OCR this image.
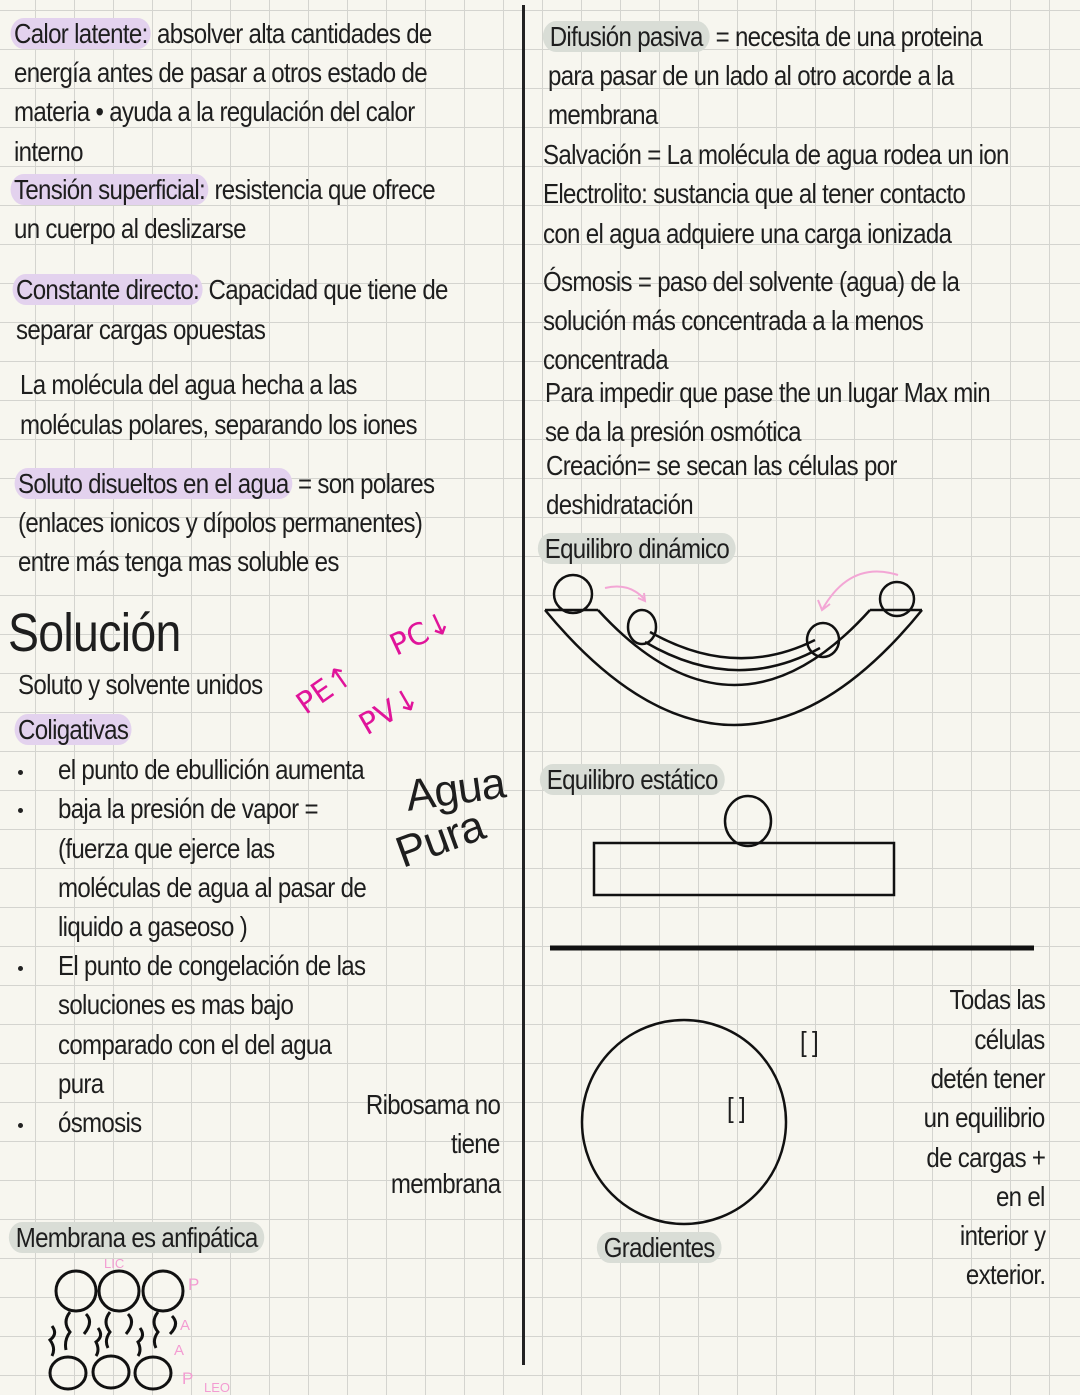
Calor latente: absolver alta cantidades de
energía antes de pasar a otros estado de
materia • ayuda a la regulación del calor
interno
Tensión superficial: resistencia que ofrece
un cuerpo al deslizarse
Constante directo: Capacidad que tiene de
separar cargas opuestas
La molécula del agua hecha a las
moléculas polares, separando los iones
Soluto disueltos en el agua = son polares
(enlaces ionicos y dípolos permanentes)
entre más tenga mas soluble es
Solución
Soluto y solvente unidos
Coligativas
el punto de ebullición aumenta
baja la presión de vapor =
(fuerza que ejerce las
moléculas de agua al pasar de
liquido a gaseoso )
El punto de congelación de las
soluciones es mas bajo
comparado con el del agua
pura
ósmosis
PE↑
PC↓
PV↓
Agua
Pura
Ribosama no
tiene
membrana
Membrana es anfipática
LIC
P
A
A
P LEO
Difusión pasiva = necesita de una proteina
para pasar de un lado al otro acorde a la
membrana
Salvación = La molécula de agua rodea un ion
Electrolito: sustancia que al tener contacto
con el agua adquiere una carga ionizada
Ósmosis = paso del solvente (agua) de la
solución más concentrada a la menos
concentrada
Para impedir que pase the un lugar Max min
se da la presión osmótica
Creación= se secan las células por
deshidratación
Equilibro dinámico
Equilibro estático
[ ]
[ ]
Gradientes
Todas las
células
detén tener
un equilibrio
de cargas +
en el
interior y
exterior.
